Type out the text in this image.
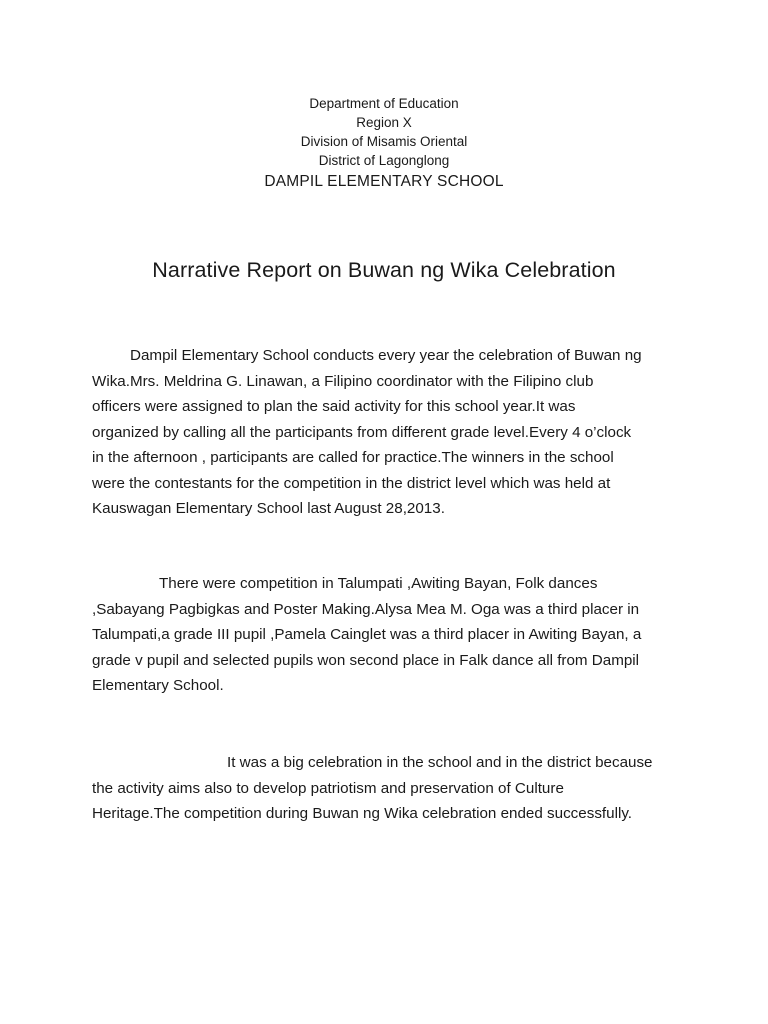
Department of Education
Region X
Division of Misamis Oriental
District of Lagonglong
DAMPIL ELEMENTARY SCHOOL
Narrative Report on Buwan ng Wika Celebration

Dampil Elementary School conducts every year the celebration of Buwan ng
Wika.Mrs. Meldrina G. Linawan, a Filipino coordinator with the Filipino club
officers were assigned to plan the said activity for this school year.It was
organized by calling all the participants from different grade level.Every 4 o’clock
in the afternoon , participants are called for practice.The winners in the school
were the contestants for the competition in the district level which was held at
Kauswagan Elementary School last August 28,2013.

There were competition in Talumpati ,Awiting Bayan, Folk dances
,Sabayang Pagbigkas and Poster Making.Alysa Mea M. Oga was a third placer in
Talumpati,a grade III pupil ,Pamela Cainglet was a third placer in Awiting Bayan, a
grade v pupil and selected pupils won second place in Falk dance all from Dampil
Elementary School.

It was a big celebration in the school and in the district because
the activity aims also to develop patriotism and preservation of Culture
Heritage.The competition during Buwan ng Wika celebration ended successfully.
